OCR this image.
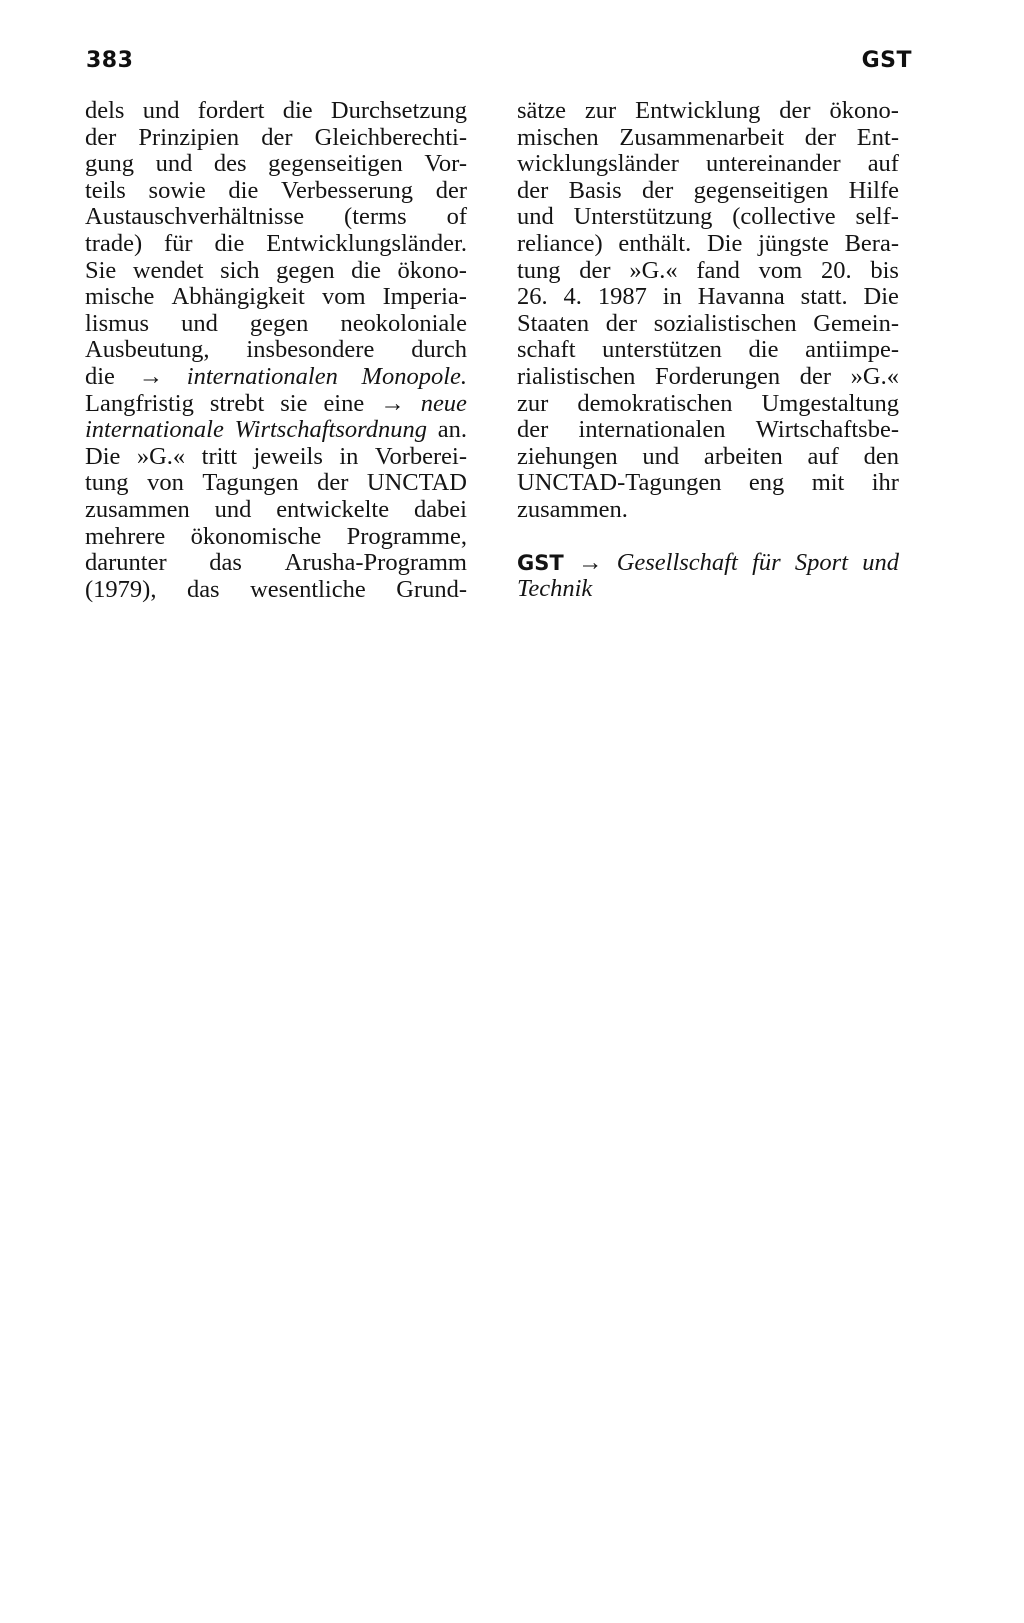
383	GST
dels und fordert die Durchsetzung
der Prinzipien der Gleichberechti-
gung und des gegenseitigen Vor-
teils sowie die Verbesserung der
Austauschverhältnisse (terms of
trade) für die Entwicklungsländer.
Sie wendet sich gegen die ökono-
mische Abhängigkeit vom Imperia-
lismus und gegen neokoloniale
Ausbeutung, insbesondere durch
die → internationalen Monopole.
Langfristig strebt sie eine → neue
internationale Wirtschaftsordnung an.
Die »G.« tritt jeweils in Vorberei-
tung von Tagungen der UNCTAD
zusammen und entwickelte dabei
mehrere ökonomische Programme,
darunter das Arusha-Programm
(1979), das wesentliche Grund-
sätze zur Entwicklung der ökono-
mischen Zusammenarbeit der Ent-
wicklungsländer untereinander auf
der Basis der gegenseitigen Hilfe
und Unterstützung (collective self-
reliance) enthält. Die jüngste Bera-
tung der »G.« fand vom 20. bis
26. 4. 1987 in Havanna statt. Die
Staaten der sozialistischen Gemein-
schaft unterstützen die antiimpe-
rialistischen Forderungen der »G.«
zur demokratischen Umgestaltung
der internationalen Wirtschaftsbe-
ziehungen und arbeiten auf den
UNCTAD-Tagungen eng mit ihr
zusammen.
GST → Gesellschaft für Sport und
Technik
